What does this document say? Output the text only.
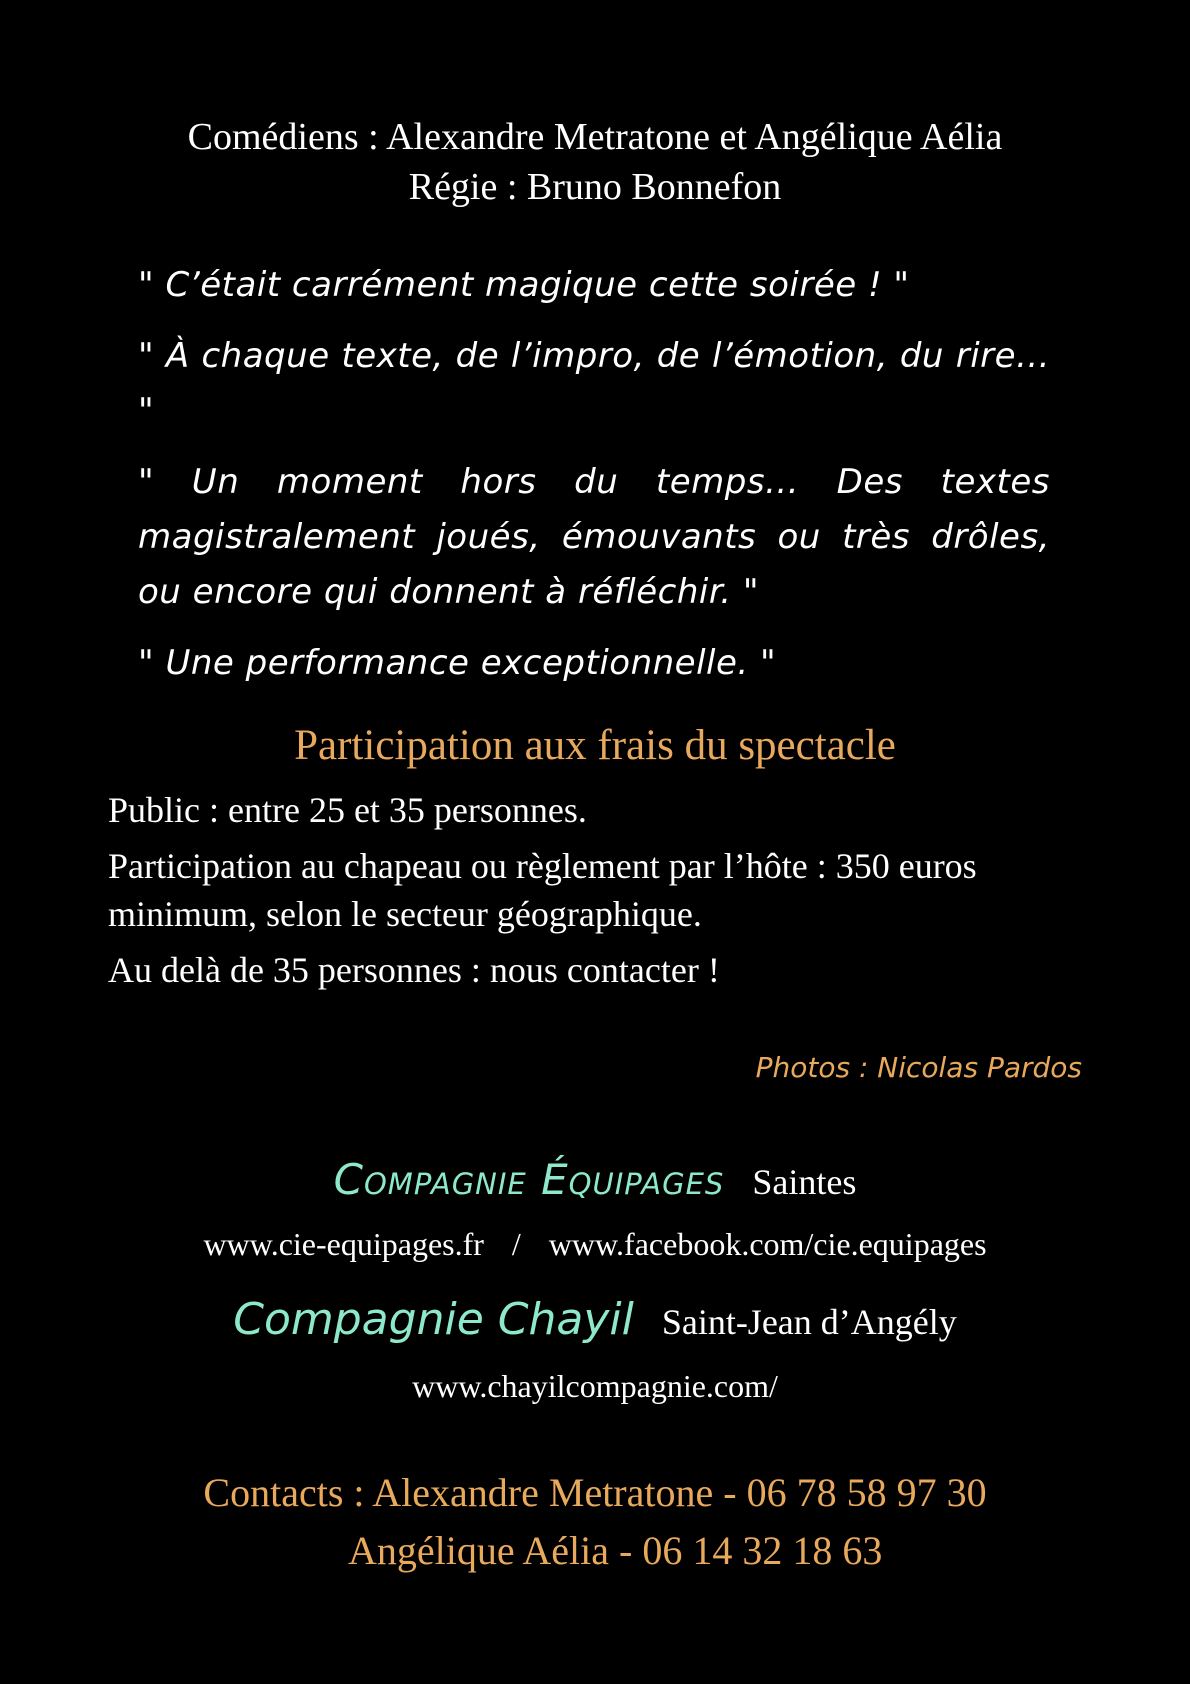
Comédiens : Alexandre Metratone et Angélique Aélia
Régie : Bruno Bonnefon

" C’était carrément magique cette soirée ! "

" À chaque texte, de l’impro, de l’émotion, du rire... "

" Un moment hors du temps... Des textes magistralement joués, émouvants ou très drôles, ou encore qui donnent à réfléchir. "

" Une performance exceptionnelle. "

Participation aux frais du spectacle

Public : entre 25 et 35 personnes.

Participation au chapeau ou règlement par l’hôte : 350 euros minimum, selon le secteur géographique.

Au delà de 35 personnes : nous contacter !

Photos : Nicolas Pardos
Compagnie Équipages Saintes
www.cie-equipages.fr / www.facebook.com/cie.equipages
Compagnie Chayil Saint-Jean d’Angély
www.chayilcompagnie.com/
Contacts : Alexandre Metratone - 06 78 58 97 30
Angélique Aélia - 06 14 32 18 63
